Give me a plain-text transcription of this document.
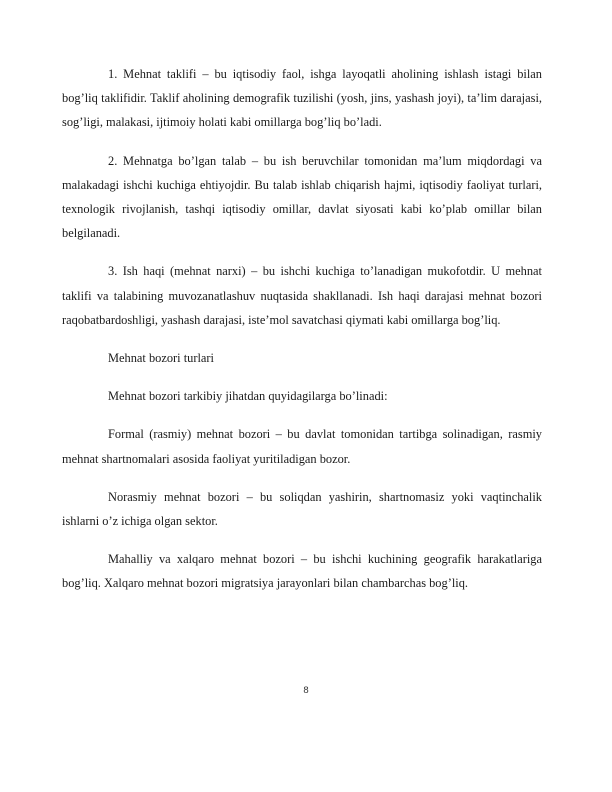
1. Mehnat taklifi – bu iqtisodiy faol, ishga layoqatli aholining ishlash istagi bilan bog’liq taklifidir. Taklif aholining demografik tuzilishi (yosh, jins, yashash joyi), ta’lim darajasi, sog’ligi, malakasi, ijtimoiy holati kabi omillarga bog’liq bo’ladi.

2. Mehnatga bo’lgan talab – bu ish beruvchilar tomonidan ma’lum miqdordagi va malakadagi ishchi kuchiga ehtiyojdir. Bu talab ishlab chiqarish hajmi, iqtisodiy faoliyat turlari, texnologik rivojlanish, tashqi iqtisodiy omillar, davlat siyosati kabi ko’plab omillar bilan belgilanadi.

3. Ish haqi (mehnat narxi) – bu ishchi kuchiga to’lanadigan mukofotdir. U mehnat taklifi va talabining muvozanatlashuv nuqtasida shakllanadi. Ish haqi darajasi mehnat bozori raqobatbardoshligi, yashash darajasi, iste’mol savatchasi qiymati kabi omillarga bog’liq.

Mehnat bozori turlari

Mehnat bozori tarkibiy jihatdan quyidagilarga bo’linadi:

Formal (rasmiy) mehnat bozori – bu davlat tomonidan tartibga solinadigan, rasmiy mehnat shartnomalari asosida faoliyat yuritiladigan bozor.

Norasmiy mehnat bozori – bu soliqdan yashirin, shartnomasiz yoki vaqtinchalik ishlarni o’z ichiga olgan sektor.

Mahalliy va xalqaro mehnat bozori – bu ishchi kuchining geografik harakatlariga bog’liq. Xalqaro mehnat bozori migratsiya jarayonlari bilan chambarchas bog’liq.

8
